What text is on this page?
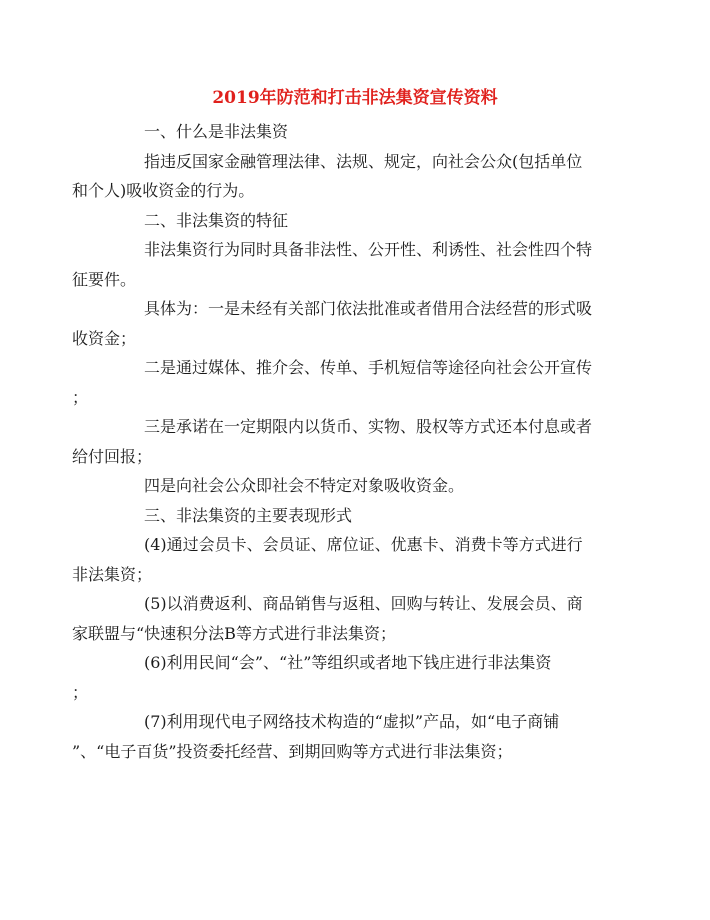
2019年防范和打击非法集资宣传资料

一、什么是非法集资

指违反国家金融管理法律、法规、规定，向社会公众(包括单位
和个人)吸收资金的行为。

二、非法集资的特征

非法集资行为同时具备非法性、公开性、利诱性、社会性四个特
征要件。

具体为：一是未经有关部门依法批准或者借用合法经营的形式吸
收资金；

二是通过媒体、推介会、传单、手机短信等途径向社会公开宣传
；

三是承诺在一定期限内以货币、实物、股权等方式还本付息或者
给付回报；

四是向社会公众即社会不特定对象吸收资金。

三、非法集资的主要表现形式

(4)通过会员卡、会员证、席位证、优惠卡、消费卡等方式进行
非法集资；

(5)以消费返利、商品销售与返租、回购与转让、发展会员、商
家联盟与“快速积分法B等方式进行非法集资；

(6)利用民间“会”、“社”等组织或者地下钱庄进行非法集资
；

(7)利用现代电子网络技术构造的“虚拟”产品，如“电子商铺
”、“电子百货”投资委托经营、到期回购等方式进行非法集资；
